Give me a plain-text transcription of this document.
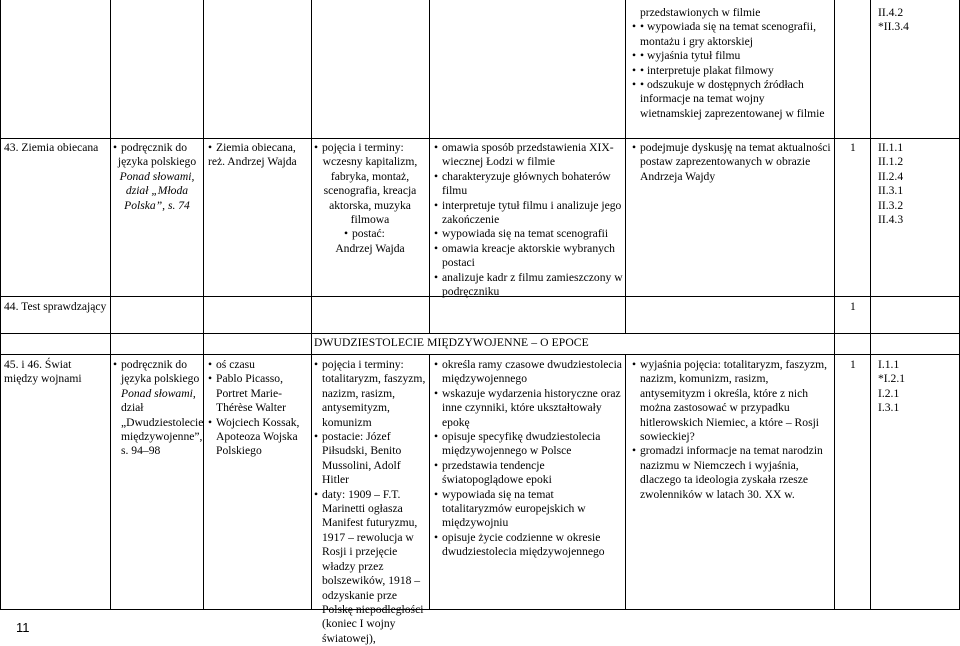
przedstawionych w filmie
• • wypowiada się na temat scenografii, montażu i gry aktorskiej
• • wyjaśnia tytuł filmu
• • interpretuje plakat filmowy
• • odszukuje w dostępnych źródłach informacje na temat wojny wietnamskiej zaprezentowanej w filmie
II.4.2
*II.3.4
43. Ziemia obiecana
•	podręcznik do
języka polskiego
Ponad słowami,
dział „Młoda
Polska”, s. 74
• Ziemia obiecana,
reż. Andrzej Wajda
• pojęcia i terminy:
wczesny kapitalizm, fabryka, montaż, scenografia, kreacja aktorska, muzyka filmowa
• postać:
Andrzej Wajda
• omawia sposób przedstawienia XIX-wiecznej Łodzi w filmie
• charakteryzuje głównych bohaterów filmu
• interpretuje tytuł filmu i analizuje jego zakończenie
• wypowiada się na temat scenografii
• omawia kreacje aktorskie wybranych postaci
• analizuje kadr z filmu zamieszczony w podręczniku
• podejmuje dyskusję na temat aktualności postaw zaprezentowanych w obrazie Andrzeja Wajdy
1	II.1.1
II.1.2
II.2.4
II.3.1
II.3.2
II.4.3
44. Test sprawdzający	1
DWUDZIESTOLECIE MIĘDZYWOJENNE – O EPOCE
45. i 46. Świat między wojnami
• podręcznik do języka polskiego
Ponad słowami,
dział „Dwudziestolecie międzywojenne”, s. 94–98
• oś czasu
• Pablo Picasso, Portret Marie-Thérèse Walter
• Wojciech Kossak, Apoteoza Wojska Polskiego
• pojęcia i terminy: totalitaryzm, faszyzm, nazizm, rasizm, antysemityzm, komunizm
• postacie: Józef Piłsudski, Benito Mussolini, Adolf Hitler
• daty: 1909 – F.T. Marinetti ogłasza Manifest futuryzmu, 1917 – rewolucja w Rosji i przejęcie władzy przez bolszewików, 1918 – odzyskanie prze Polskę niepodległości (koniec I wojny światowej),
• określa ramy czasowe dwudziestolecia międzywojennego
• wskazuje wydarzenia historyczne oraz inne czynniki, które ukształtowały epokę
• opisuje specyfikę dwudziestolecia międzywojennego w Polsce
• przedstawia tendencje światopoglądowe epoki
• wypowiada się na temat totalitaryzmów europejskich w międzywojniu
• opisuje życie codzienne w okresie dwudziestolecia międzywojennego
• wyjaśnia pojęcia: totalitaryzm, faszyzm, nazizm, komunizm, rasizm, antysemityzm i określa, które z nich można zastosować w przypadku hitlerowskich Niemiec, a które – Rosji sowieckiej?
• gromadzi informacje na temat narodzin nazizmu w Niemczech i wyjaśnia, dlaczego ta ideologia zyskała rzesze zwolenników w latach 30. XX w.
1	I.1.1
*I.2.1
I.2.1
I.3.1
11
